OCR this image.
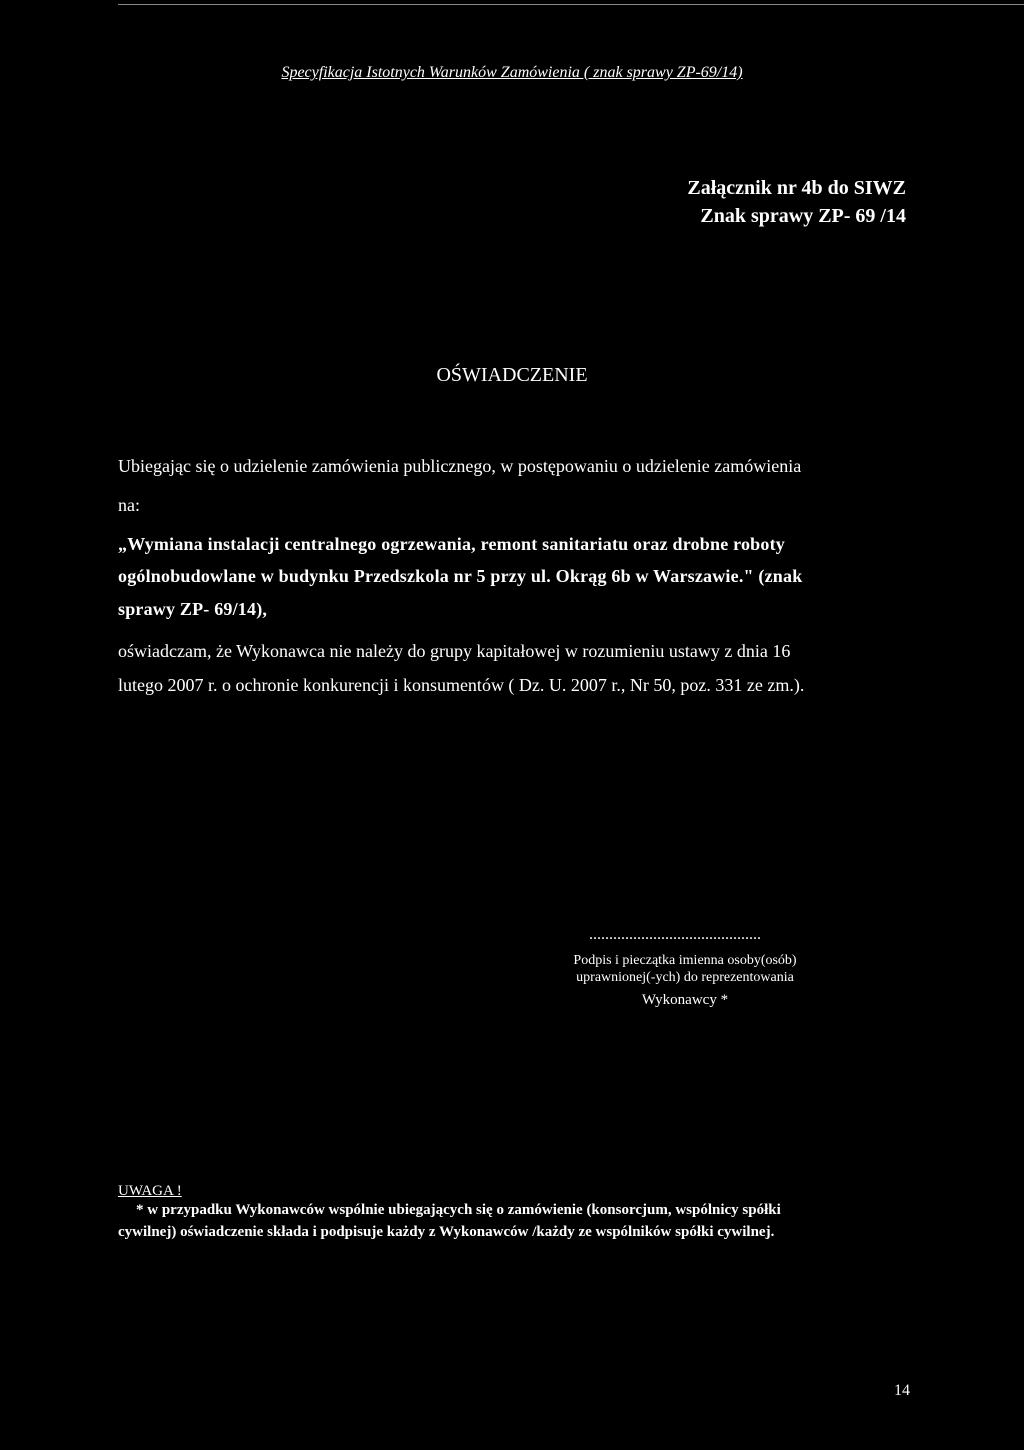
Specyfikacja Istotnych Warunków Zamówienia ( znak sprawy ZP-69/14)
Załącznik nr 4b do SIWZ
Znak sprawy ZP- 69 /14
OŚWIADCZENIE
Ubiegając się o udzielenie zamówienia publicznego, w postępowaniu o udzielenie zamówienia
na:
„Wymiana instalacji centralnego ogrzewania, remont sanitariatu oraz drobne roboty
ogólnobudowlane w budynku Przedszkola nr 5 przy ul. Okrąg 6b w Warszawie." (znak
sprawy ZP- 69/14),
oświadczam, że Wykonawca nie należy do grupy kapitałowej w rozumieniu ustawy z dnia 16
lutego 2007 r. o ochronie konkurencji i konsumentów ( Dz. U. 2007 r., Nr 50, poz. 331 ze zm.).
...........................................
Podpis i pieczątka imienna osoby(osób)
uprawnionej(-ych) do reprezentowania
Wykonawcy *
UWAGA !
* w przypadku Wykonawców wspólnie ubiegających się o zamówienie (konsorcjum, wspólnicy spółki
cywilnej) oświadczenie składa i podpisuje każdy z Wykonawców /każdy ze wspólników spółki cywilnej.
14
